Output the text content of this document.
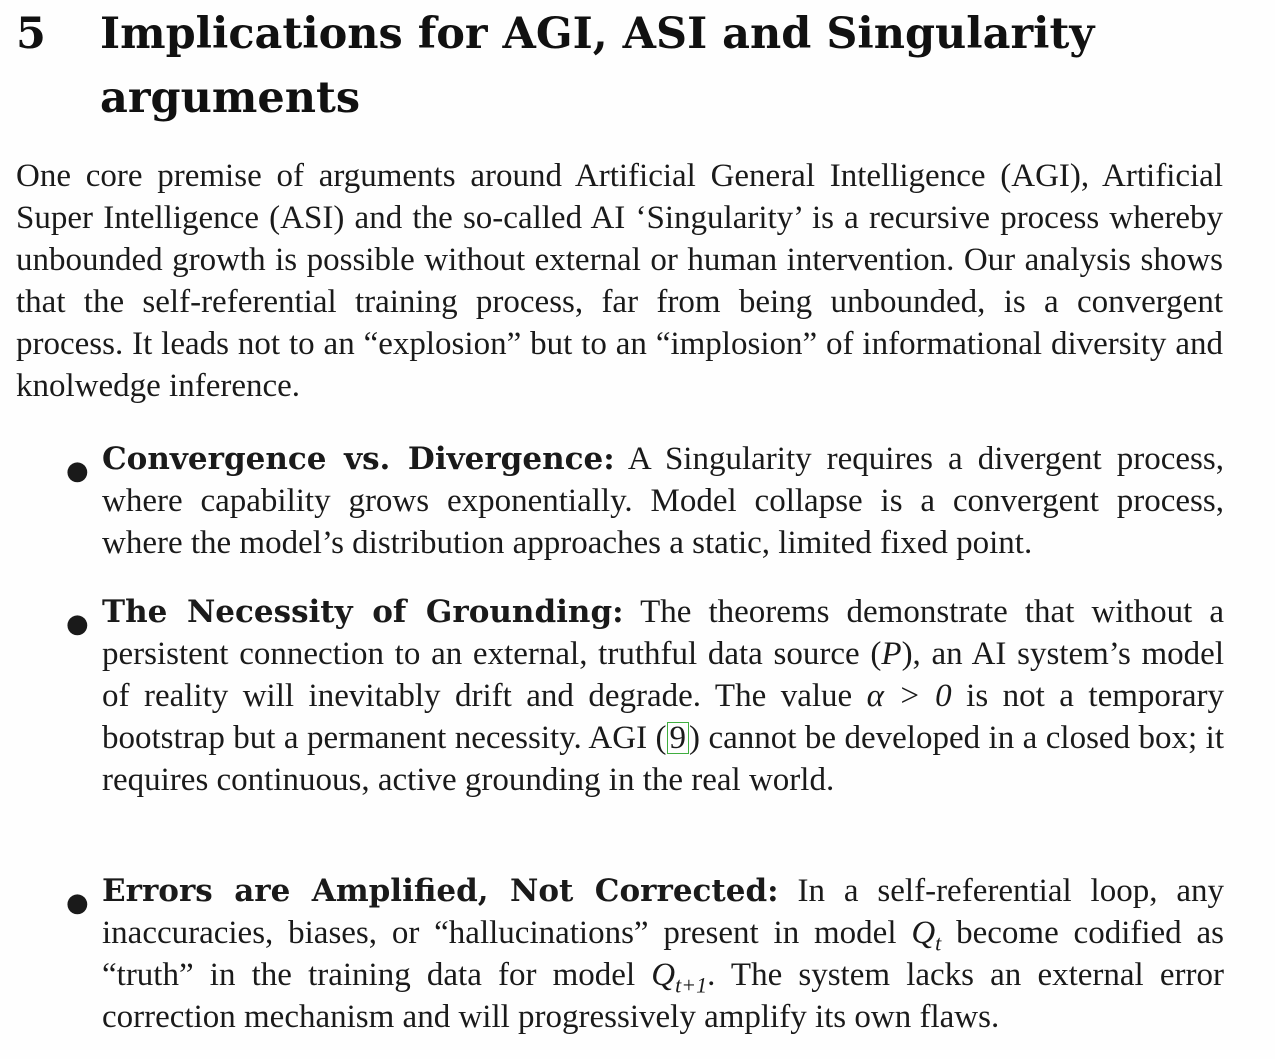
5 Implications for AGI, ASI and Singularity arguments

One core premise of arguments around Artificial General Intelligence (AGI), Artificial Super Intelligence (ASI) and the so-called AI ‘Singularity’ is a recursive process whereby unbounded growth is possible without external or human intervention. Our analysis shows that the self-referential training process, far from being unbounded, is a convergent process. It leads not to an “explosion” but to an “implosion” of informational diversity and knolwedge inference.

● Convergence vs. Divergence: A Singularity requires a divergent process, where capability grows exponentially. Model collapse is a convergent process, where the model’s distribution approaches a static, limited fixed point.
● The Necessity of Grounding: The theorems demonstrate that without a persistent connection to an external, truthful data source (P), an AI system’s model of reality will inevitably drift and degrade. The value α > 0 is not a temporary bootstrap but a permanent necessity. AGI (9) cannot be developed in a closed box; it requires continuous, active grounding in the real world.
● Errors are Amplified, Not Corrected: In a self-referential loop, any inaccuracies, biases, or “hallucinations” present in model $Q_t$ become codified as “truth” in the training data for model $Q_{t+1}$. The system lacks an external error correction mechanism and will progressively amplify its own flaws.
